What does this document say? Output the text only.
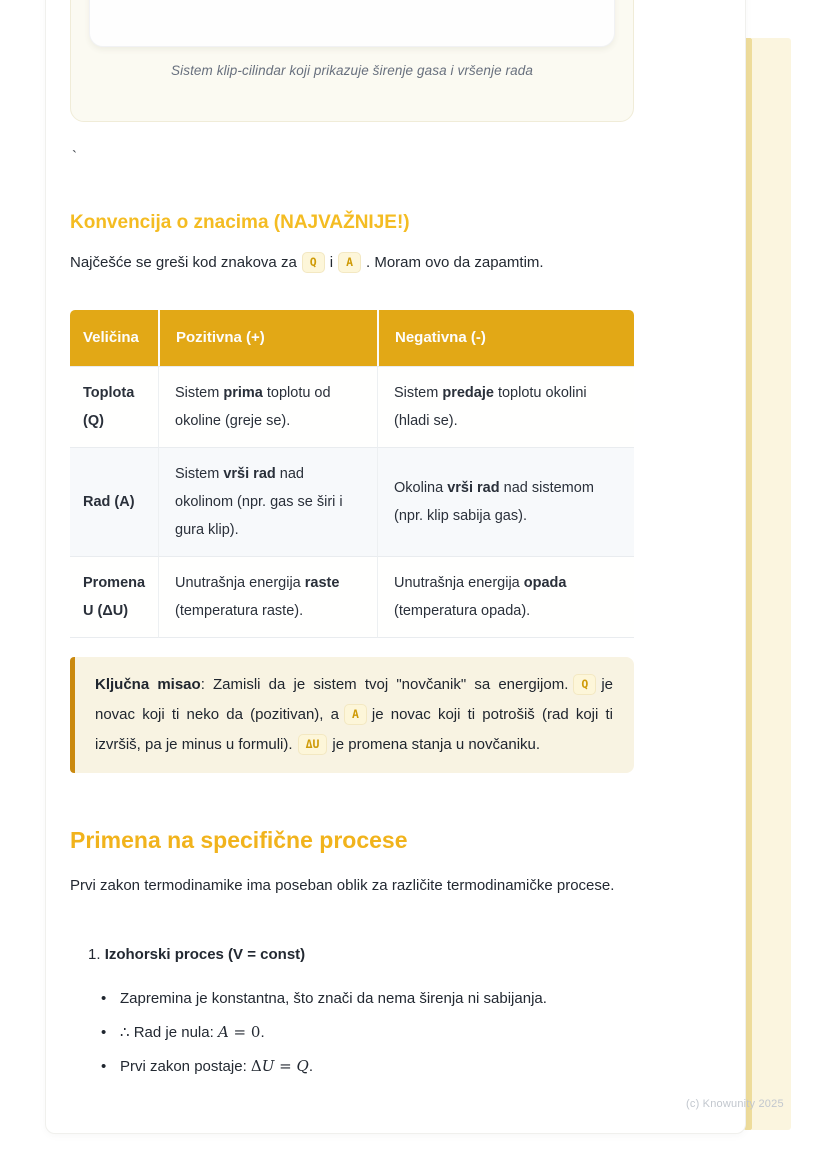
Sistem klip-cilindar koji prikazuje širenje gasa i vršenje rada
`
Konvencija o znacima (NAJVAŽNIJE!)
Najčešće se greši kod znakova za Q i A . Moram ovo da zapamtim.
Veličina	Pozitivna (+)	Negativna (-)
Toplota (Q)	Sistem prima toplotu od okoline (greje se).	Sistem predaje toplotu okolini (hladi se).
Rad (A)	Sistem vrši rad nad okolinom (npr. gas se širi i gura klip).	Okolina vrši rad nad sistemom (npr. klip sabija gas).
Promena U (ΔU)	Unutrašnja energija raste (temperatura raste).	Unutrašnja energija opada (temperatura opada).
Ključna misao: Zamisli da je sistem tvoj "novčanik" sa energijom. Q je novac koji ti neko da (pozitivan), a A je novac koji ti potrošiš (rad koji ti izvršiš, pa je minus u formuli). ΔU je promena stanja u novčaniku.
Primena na specifične procese
Prvi zakon termodinamike ima poseban oblik za različite termodinamičke procese.
1. Izohorski proces (V = const)
• Zapremina je konstantna, što znači da nema širenja ni sabijanja.
• ∴ Rad je nula: A = 0.
• Prvi zakon postaje: ΔU = Q.
(c) Knowunity 2025
